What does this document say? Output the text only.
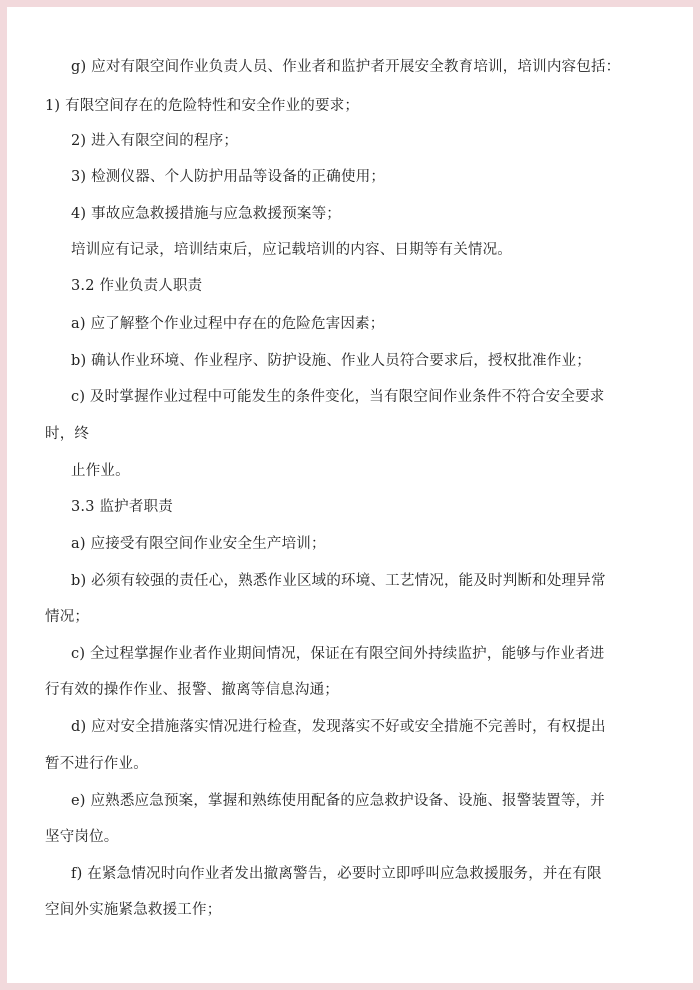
g) 应对有限空间作业负责人员、作业者和监护者开展安全教育培训，培训内容包括：
1) 有限空间存在的危险特性和安全作业的要求；
2) 进入有限空间的程序；
3) 检测仪器、个人防护用品等设备的正确使用；
4) 事故应急救援措施与应急救援预案等；
培训应有记录，培训结束后，应记载培训的内容、日期等有关情况。
3.2 作业负责人职责
a) 应了解整个作业过程中存在的危险危害因素；
b) 确认作业环境、作业程序、防护设施、作业人员符合要求后，授权批准作业；
c) 及时掌握作业过程中可能发生的条件变化，当有限空间作业条件不符合安全要求
时，终
止作业。
3.3 监护者职责
a) 应接受有限空间作业安全生产培训；
b) 必须有较强的责任心，熟悉作业区域的环境、工艺情况，能及时判断和处理异常
情况；
c) 全过程掌握作业者作业期间情况，保证在有限空间外持续监护，能够与作业者进
行有效的操作作业、报警、撤离等信息沟通；
d) 应对安全措施落实情况进行检查，发现落实不好或安全措施不完善时，有权提出
暂不进行作业。
e) 应熟悉应急预案，掌握和熟练使用配备的应急救护设备、设施、报警装置等，并
坚守岗位。
f) 在紧急情况时向作业者发出撤离警告，必要时立即呼叫应急救援服务，并在有限
空间外实施紧急救援工作；
